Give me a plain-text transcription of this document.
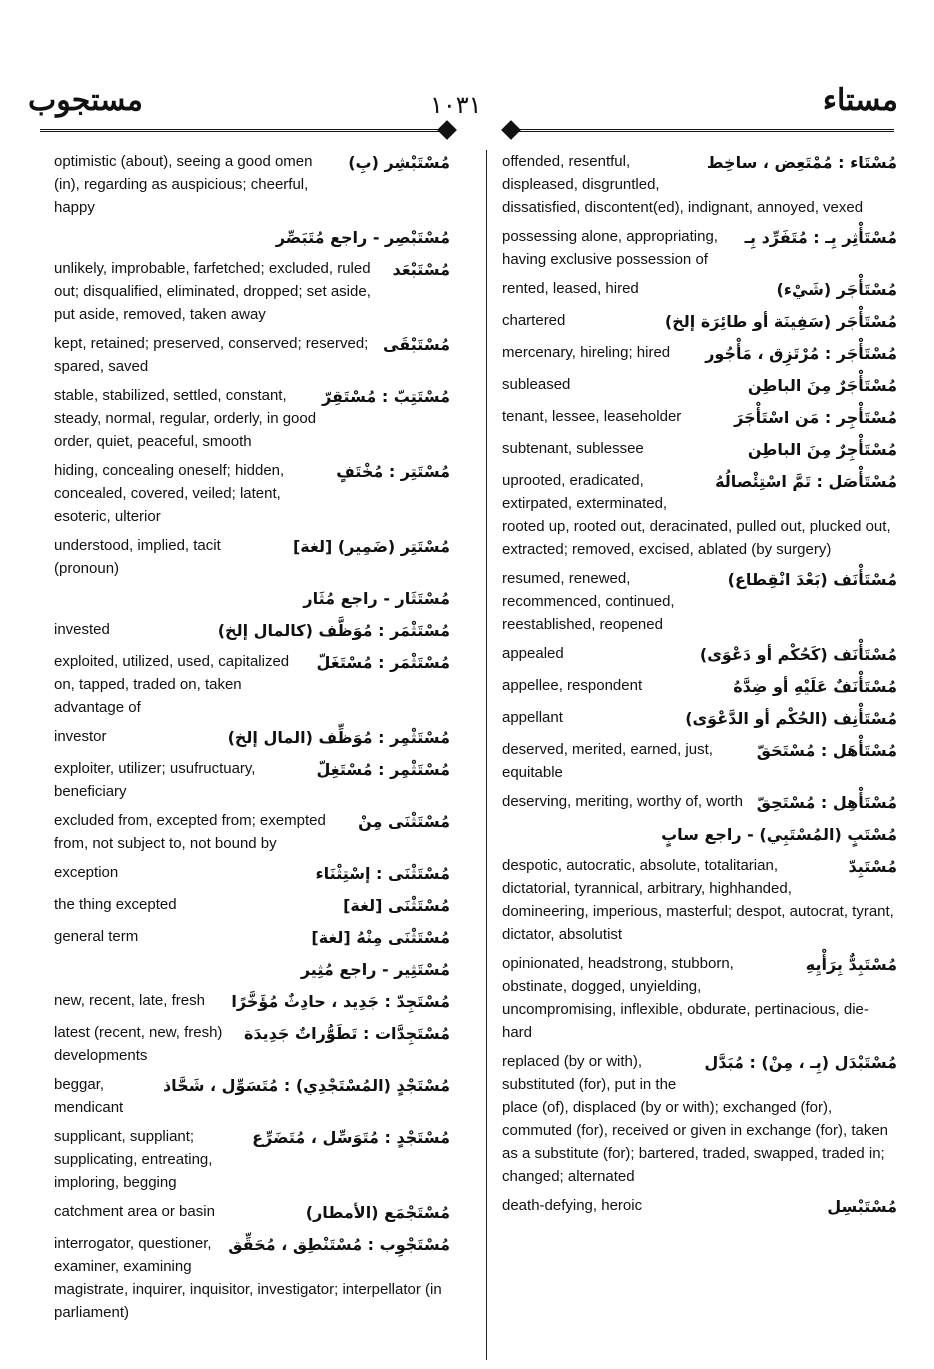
مستجوب	١٠٣١	مستاء
مُسْتَبْشِر (بِ)
optimistic (about), seeing a good omen (in), regarding as auspicious; cheerful, happy
مُسْتَبْصِر - راجع مُتَبَصِّر
مُسْتَبْعَد
unlikely, improbable, farfetched; excluded, ruled out; disqualified, eliminated, dropped; set aside, put aside, removed, taken away
مُسْتَبْقَى
kept, retained; preserved, conserved; reserved; spared, saved
مُسْتَتِبّ : مُسْتَقِرّ
stable, stabilized, settled, constant, steady, normal, regular, orderly, in good order, quiet, peaceful, smooth
مُسْتَتِر : مُخْتَفٍ
hiding, concealing oneself; hidden, concealed, covered, veiled; latent, esoteric, ulterior
مُسْتَتِر (ضَمِير) [لغة]
understood, implied, tacit (pronoun)
مُسْتَثَار - راجع مُثَار
مُسْتَثْمَر : مُوَظَّف (كالمال إلخ)
invested
مُسْتَثْمَر : مُسْتَغَلّ
exploited, utilized, used, capitalized on, tapped, traded on, taken advantage of
مُسْتَثْمِر : مُوَظِّف (المال إلخ)
investor
مُسْتَثْمِر : مُسْتَغِلّ
exploiter, utilizer; usufructuary, beneficiary
مُسْتَثْنَى مِنْ
excluded from, excepted from; exempted from, not subject to, not bound by
مُسْتَثْنَى : إسْتِثْنَاء
exception
مُسْتَثْنَى [لغة]
the thing excepted
مُسْتَثْنَى مِنْهُ [لغة]
general term
مُسْتَثِير - راجع مُثِير
مُسْتَجِدّ : جَدِيد ، حادِثٌ مُؤَخَّرًا
new, recent, late, fresh
مُسْتَجِدَّات : تَطَوُّراتٌ جَدِيدَة
latest (recent, new, fresh) developments
مُسْتَجْدٍ (المُسْتَجْدِي) : مُتَسَوِّل ، شَحَّاذ
beggar, mendicant
مُسْتَجْدٍ : مُتَوَسِّل ، مُتَضَرِّع
supplicant, suppliant; supplicating, entreating, imploring, begging
مُسْتَجْمَع (الأمطار)
catchment area or basin
مُسْتَجْوِب : مُسْتَنْطِق ، مُحَقِّق
interrogator, questioner, examiner, examining magistrate, inquirer, inquisitor, investigator; interpellator (in parliament)
مُسْتَاء : مُمْتَعِض ، ساخِط
offended, resentful, displeased, disgruntled, dissatisfied, discontent(ed), indignant, annoyed, vexed
مُسْتَأْثِر بِـ : مُتَفَرِّد بِـ
possessing alone, appropriating, having exclusive possession of
مُسْتَأْجَر (شَيْء)
rented, leased, hired
مُسْتَأْجَر (سَفِينَة أو طائِرَة إلخ)
chartered
مُسْتَأْجَر : مُرْتَزِق ، مَأْجُور
mercenary, hireling; hired
مُسْتَأْجَرٌ مِنَ الباطِن
subleased
مُسْتَأْجِر : مَن اسْتَأْجَرَ
tenant, lessee, leaseholder
مُسْتَأْجِرٌ مِنَ الباطِن
subtenant, sublessee
مُسْتَأْصَل : تَمَّ اسْتِئْصالُهُ
uprooted, eradicated, extirpated, exterminated, rooted up, rooted out, deracinated, pulled out, plucked out, extracted; removed, excised, ablated (by surgery)
مُسْتَأْنَف (بَعْدَ انْقِطاع)
resumed, renewed, recommenced, continued, reestablished, reopened
مُسْتَأْنَف (كَحُكْم أو دَعْوَى)
appealed
مُسْتَأْنَفٌ عَلَيْهِ أو ضِدَّهُ
appellee, respondent
مُسْتَأْنِف (الحُكْم أو الدَّعْوَى)
appellant
مُسْتَأْهَل : مُسْتَحَقّ
deserved, merited, earned, just, equitable
مُسْتَأْهِل : مُسْتَحِقّ
deserving, meriting, worthy of, worth
مُسْتَبٍ (المُسْتَبِي) - راجع سابٍ
مُسْتَبِدّ
despotic, autocratic, absolute, totalitarian, dictatorial, tyrannical, arbitrary, highhanded, domineering, imperious, masterful; despot, autocrat, tyrant, dictator, absolutist
مُسْتَبِدٌّ بِرَأْيِهِ
opinionated, headstrong, stubborn, obstinate, dogged, unyielding, uncompromising, inflexible, obdurate, pertinacious, die-hard
مُسْتَبْدَل (بِـ ، مِنْ) : مُبَدَّل
replaced (by or with), substituted (for), put in the place (of), displaced (by or with); exchanged (for), commuted (for), received or given in exchange (for), taken as a substitute (for); bartered, traded, swapped, traded in; changed; alternated
مُسْتَبْسِل
death-defying, heroic
